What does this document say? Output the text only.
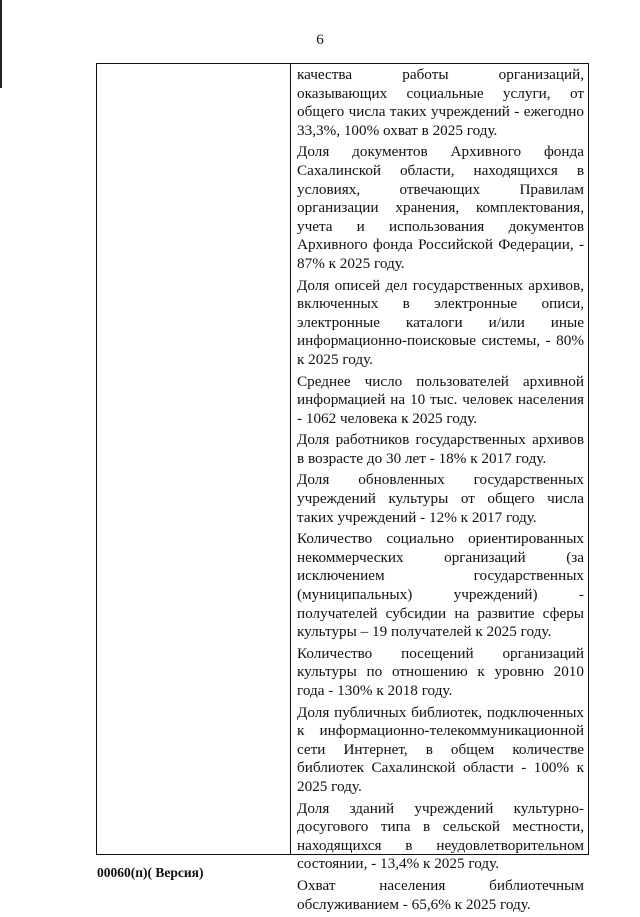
6

качества работы организаций, оказывающих социальные услуги, от общего числа таких учреждений - ежегодно 33,3%, 100% охват в 2025 году.

Доля документов Архивного фонда Сахалинской области, находящихся в условиях, отвечающих Правилам организации хранения, комплектования, учета и использования документов Архивного фонда Российской Федерации, - 87% к 2025 году.

Доля описей дел государственных архивов, включенных в электронные описи, электронные каталоги и/или иные информационно-поисковые системы, - 80% к 2025 году.

Среднее число пользователей архивной информацией на 10 тыс. человек населения - 1062 человека к 2025 году.

Доля работников государственных архивов в возрасте до 30 лет - 18% к 2017 году.

Доля обновленных государственных учреждений культуры от общего числа таких учреждений - 12% к 2017 году.

Количество социально ориентированных некоммерческих организаций (за исключением государственных (муниципальных) учреждений) - получателей субсидии на развитие сферы культуры – 19 получателей к 2025 году.

Количество посещений организаций культуры по отношению к уровню 2010 года - 130% к 2018 году.

Доля публичных библиотек, подключенных к информационно-телекоммуникационной сети Интернет, в общем количестве библиотек Сахалинской области - 100% к 2025 году.

Доля зданий учреждений культурно-досугового типа в сельской местности, находящихся в неудовлетворительном состоянии, - 13,4% к 2025 году.

Охват населения библиотечным обслуживанием - 65,6% к 2025 году.

00060(п)( Версия)
